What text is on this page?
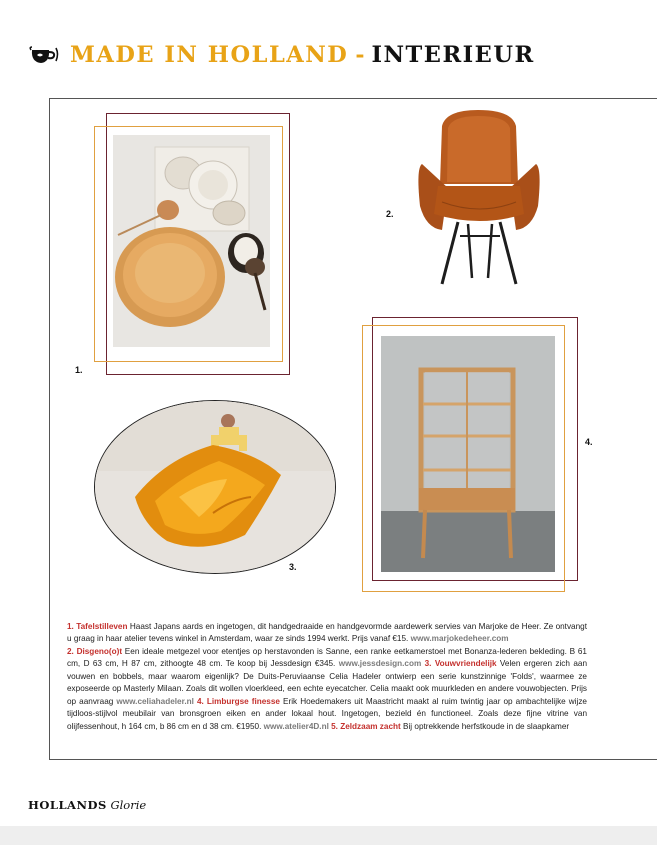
MADE IN HOLLAND - INTERIEUR
1.
2.
3.
4.
1. Tafelstilleven Haast Japans aards en ingetogen, dit handgedraaide en handgevormde aardewerk servies van Marjoke de Heer. Ze ontvangt u graag in haar atelier tevens winkel in Amsterdam, waar ze sinds 1994 werkt. Prijs vanaf €15. www.marjokedeheer.com
2. Disgeno(o)t Een ideale metgezel voor etentjes op herstavonden is Sanne, een ranke eetkamerstoel met Bonanza-lederen bekleding. B 61 cm, D 63 cm, H 87 cm, zithoogte 48 cm. Te koop bij Jessdesign €345. www.jessdesign.com 3. Vouwvriendelijk Velen ergeren zich aan vouwen en bobbels, maar waarom eigenlijk? De Duits-Peruviaanse Celia Hadeler ontwierp een serie kunstzinnige 'Folds', waarmee ze exposeerde op Masterly Milaan. Zoals dit wollen vloerkleed, een echte eyecatcher. Celia maakt ook muurkleden en andere vouwobjecten. Prijs op aanvraag www.celiahadeler.nl 4. Limburgse finesse Erik Hoedemakers uit Maastricht maakt al ruim twintig jaar op ambachtelijke wijze tijdloos-stijlvol meubilair van bronsgroen eiken en ander lokaal hout. Ingetogen, bezield én functioneel. Zoals deze fijne vitrine van olijfessenhout, h 164 cm, b 86 cm en d 38 cm. €1950. www.atelier4D.nl 5. Zeldzaam zacht Bij optrekkende herfstkoude in de slaapkamer
HOLLANDS Glorie
